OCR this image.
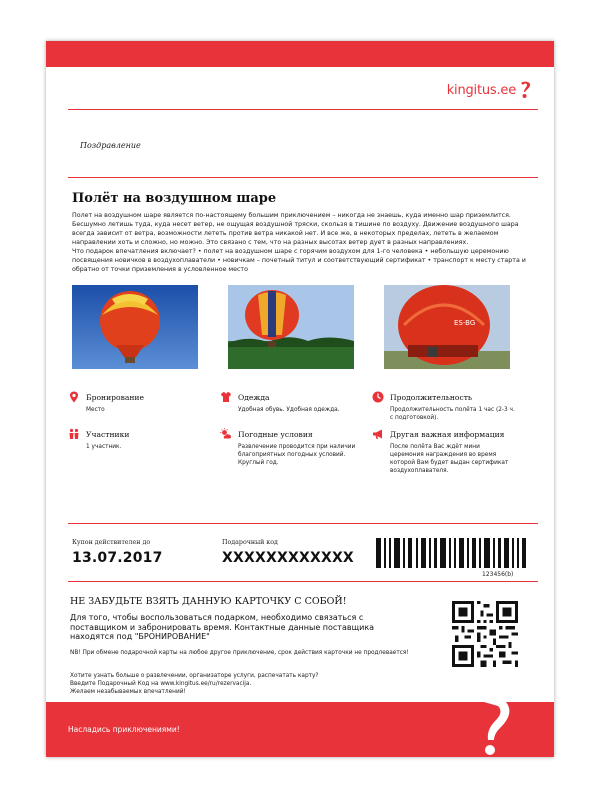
kingitus.ee
Поздравление
Полёт на воздушном шаре

Полет на воздушном шаре является по-настоящему большим приключением – никогда не знаешь, куда именно шар приземлится. Бесшумно летишь туда, куда несет ветер, не ощущая воздушной тряски, скользя в тишине по воздуху. Движение воздушного шара всегда зависит от ветра, возможности лететь против ветра никакой нет. И все же, в некоторых пределах, лететь в желаемом направлении хоть и сложно, но можно. Это связано с тем, что на разных высотах ветер дует в разных направлениях.

Что подарок впечатления включает? • полет на воздушном шаре с горячим воздухом для 1-го человека • небольшую церемонию посвящения новичков в воздухоплаватели • новичкам – почетный титул и соответствующий сертификат • транспорт к месту старта и обратно от точки приземления в условленное место

ES-BG
Бронирование
Место
Одежда
Удобная обувь. Удобная одежда.
Продолжительность
Продолжительность полёта 1 час (2-3 ч. с подготовкой).
Участники
1 участник.
Погодные условия
Развлечение проводится при наличии благоприятных погодных условий. Круглый год.
Другая важная информация
После полёта Вас ждёт мини церемония награждения во время которой Вам будет выдан сертификат воздухоплавателя.
Купон действителен до
13.07.2017
Подарочный код
XXXXXXXXXXXX
123456(b)
НЕ ЗАБУДЬТЕ ВЗЯТЬ ДАННУЮ КАРТОЧКУ С СОБОЙ!
Для того, чтобы воспользоваться подарком, необходимо связаться с поставщиком и забронировать время. Контактные данные поставщика находятся под "БРОНИРОВАНИЕ"
NB! При обмене подарочной карты на любое другое приключение, срок действия карточки не продлевается!

Хотите узнать больше о развлечении, организаторе услуги, распечатать карту?

Введите Подарочный Код на www.kingitus.ee/ru/rezervacija.

Желаем незабываемых впечатлений!

Насладись приключениями!
